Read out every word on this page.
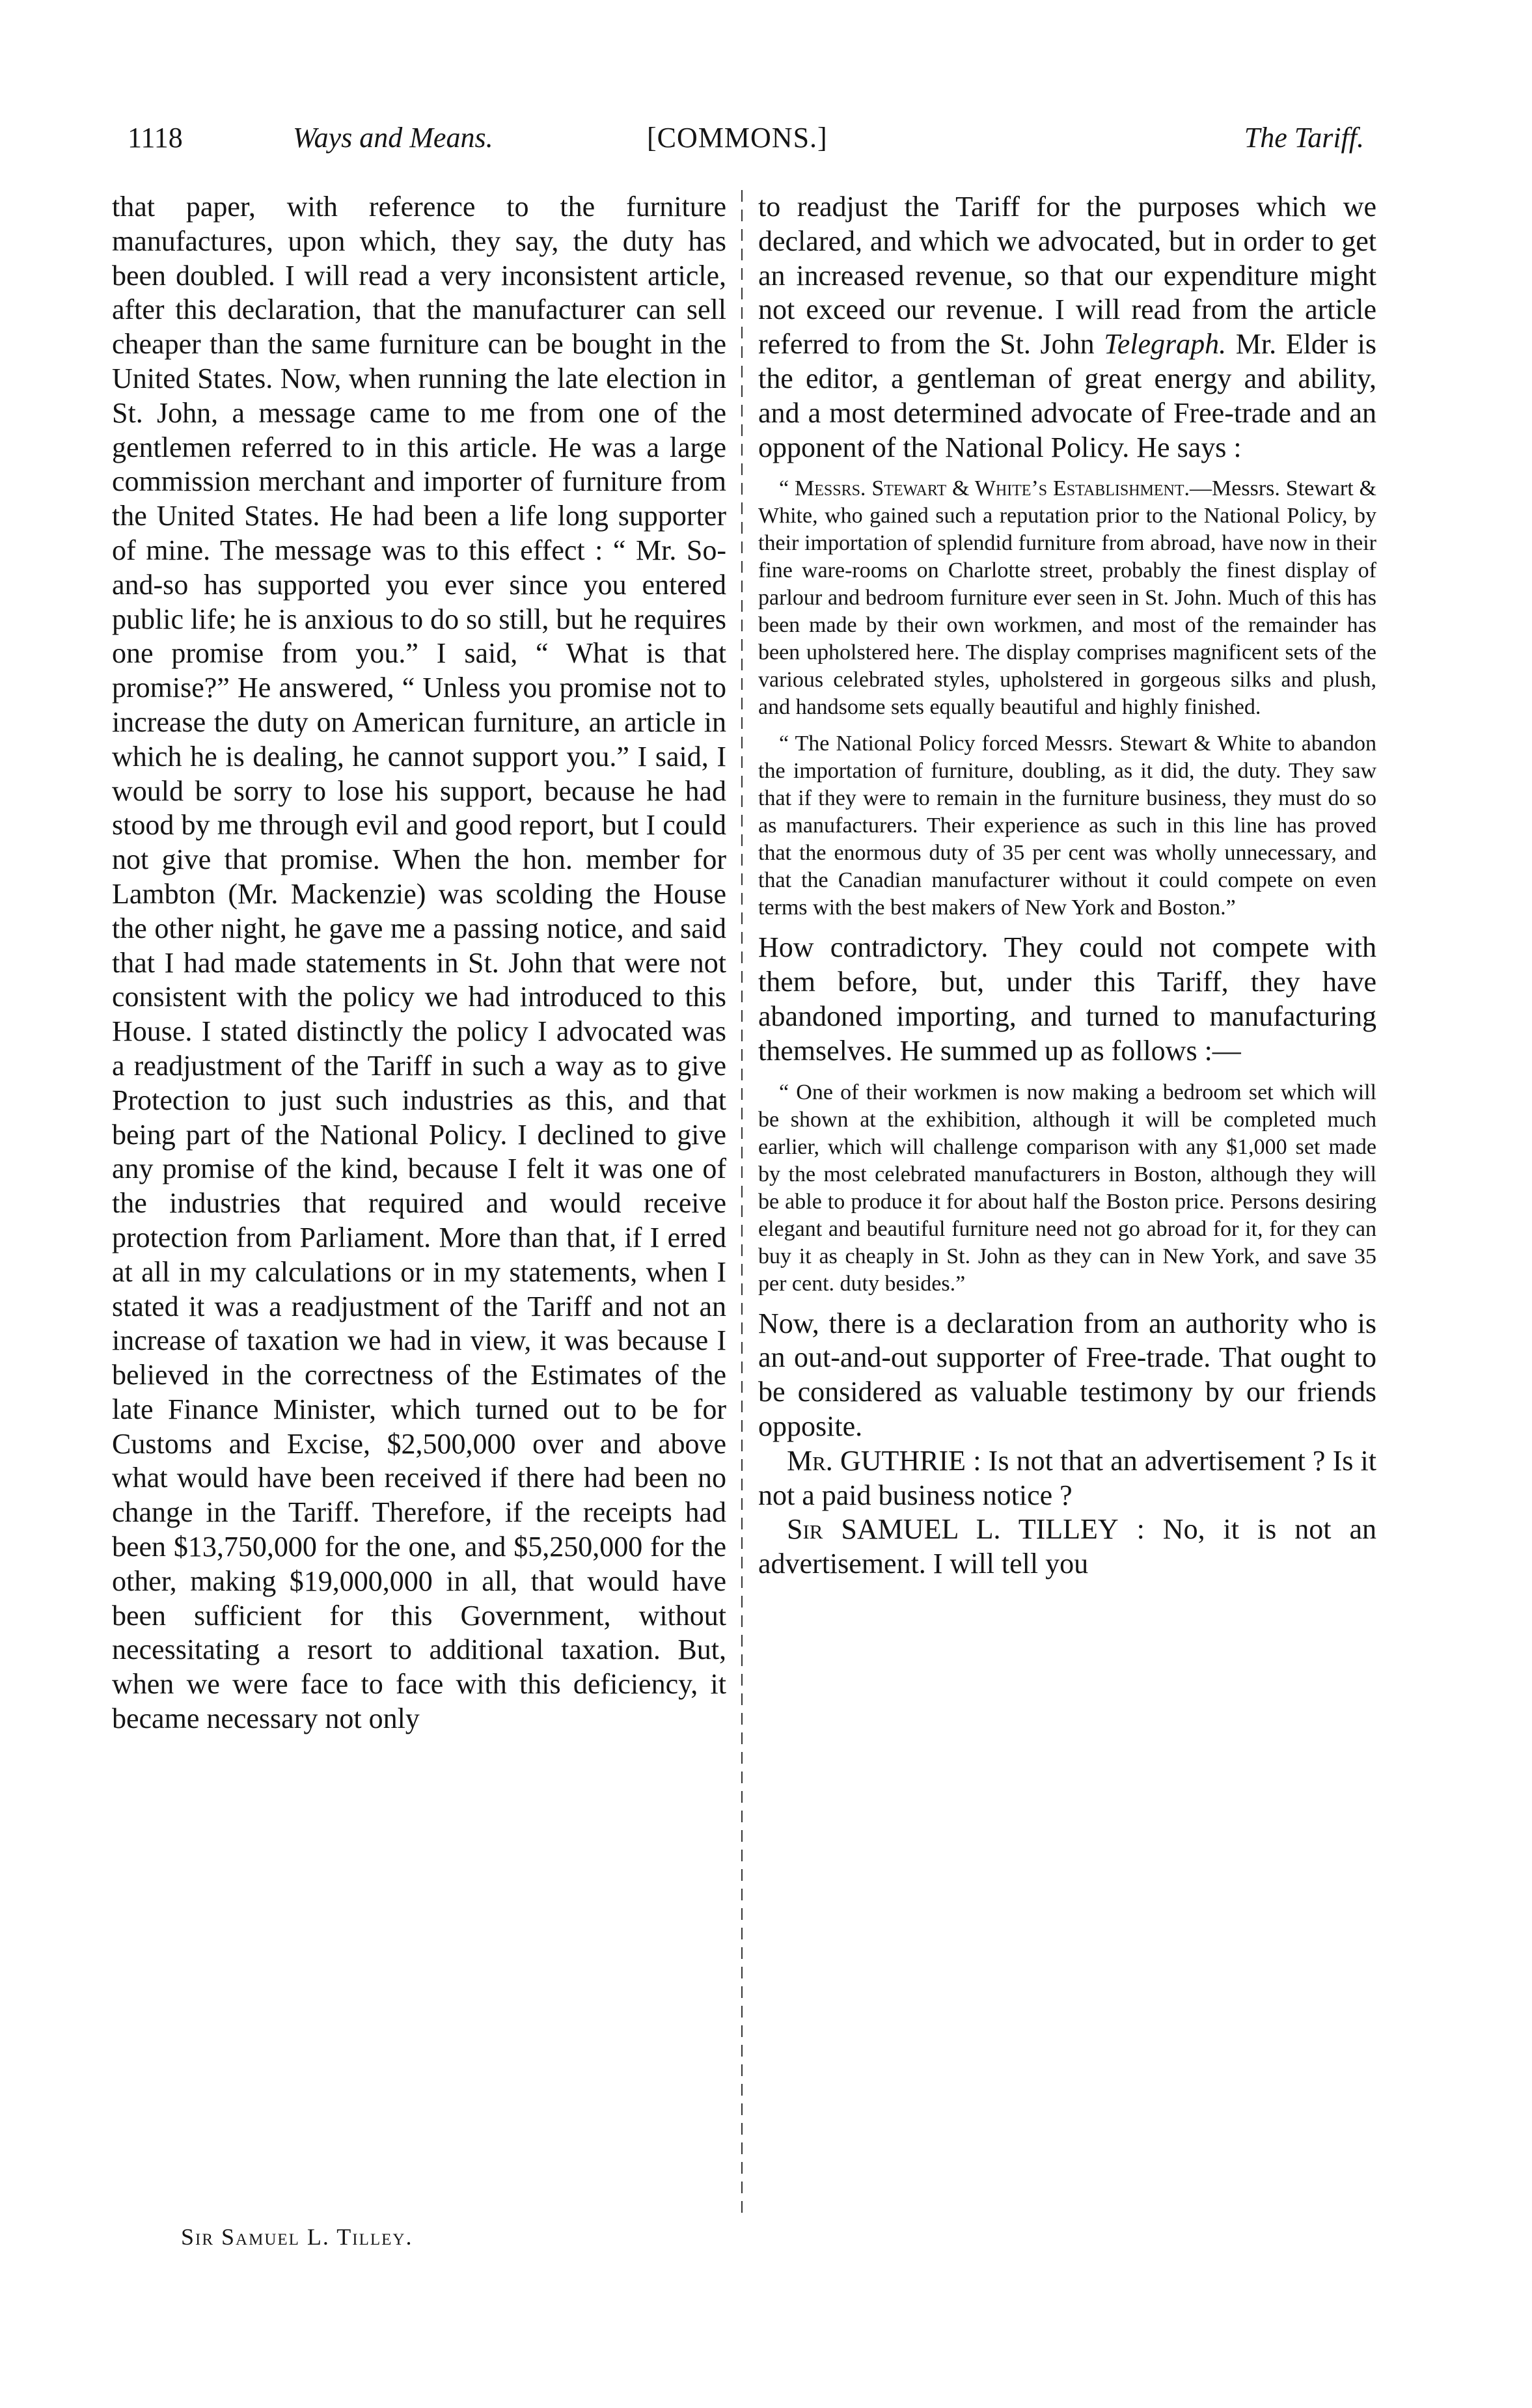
1118	Ways and Means.	[COMMONS.]	The Tariff.

that paper, with reference to the furniture manufactures, upon which, they say, the duty has been doubled. I will read a very inconsistent article, after this declaration, that the manufacturer can sell cheaper than the same furniture can be bought in the United States. Now, when running the late election in St. John, a message came to me from one of the gentlemen referred to in this article. He was a large commission merchant and importer of furniture from the United States. He had been a life long supporter of mine. The message was to this effect : “ Mr. So-and-so has supported you ever since you entered public life; he is anxious to do so still, but he requires one promise from you.” I said, “ What is that promise?” He answered, “ Unless you promise not to increase the duty on American furniture, an article in which he is dealing, he cannot support you.” I said, I would be sorry to lose his support, because he had stood by me through evil and good report, but I could not give that promise. When the hon. member for Lambton (Mr. Mackenzie) was scolding the House the other night, he gave me a passing notice, and said that I had made statements in St. John that were not consistent with the policy we had introduced to this House. I stated distinctly the policy I advocated was a readjustment of the Tariff in such a way as to give Protection to just such industries as this, and that being part of the National Policy. I declined to give any promise of the kind, because I felt it was one of the industries that required and would receive protection from Parliament. More than that, if I erred at all in my calculations or in my statements, when I stated it was a readjustment of the Tariff and not an increase of taxation we had in view, it was because I believed in the correctness of the Estimates of the late Finance Minister, which turned out to be for Customs and Excise, $2,500,000 over and above what would have been received if there had been no change in the Tariff. Therefore, if the receipts had been $13,750,000 for the one, and $5,250,000 for the other, making $19,000,000 in all, that would have been sufficient for this Government, without necessitating a resort to additional taxation. But, when we were face to face with this deficiency, it became necessary not only

to readjust the Tariff for the purposes which we declared, and which we advocated, but in order to get an increased revenue, so that our expenditure might not exceed our revenue. I will read from the article referred to from the St. John Telegraph. Mr. Elder is the editor, a gentleman of great energy and ability, and a most determined advocate of Free-trade and an opponent of the National Policy. He says :

“ Messrs. Stewart & White’s Establishment.—Messrs. Stewart & White, who gained such a reputation prior to the National Policy, by their importation of splendid furniture from abroad, have now in their fine ware-rooms on Charlotte street, probably the finest display of parlour and bedroom furniture ever seen in St. John. Much of this has been made by their own workmen, and most of the remainder has been upholstered here. The display comprises magnificent sets of the various celebrated styles, upholstered in gorgeous silks and plush, and handsome sets equally beautiful and highly finished.

“ The National Policy forced Messrs. Stewart & White to abandon the importation of furniture, doubling, as it did, the duty. They saw that if they were to remain in the furniture business, they must do so as manufacturers. Their experience as such in this line has proved that the enormous duty of 35 per cent was wholly unnecessary, and that the Canadian manufacturer without it could compete on even terms with the best makers of New York and Boston.”

How contradictory. They could not compete with them before, but, under this Tariff, they have abandoned importing, and turned to manufacturing themselves. He summed up as follows :—

“ One of their workmen is now making a bedroom set which will be shown at the exhibition, although it will be completed much earlier, which will challenge comparison with any $1,000 set made by the most celebrated manufacturers in Boston, although they will be able to produce it for about half the Boston price. Persons desiring elegant and beautiful furniture need not go abroad for it, for they can buy it as cheaply in St. John as they can in New York, and save 35 per cent. duty besides.”

Now, there is a declaration from an authority who is an out-and-out supporter of Free-trade. That ought to be considered as valuable testimony by our friends opposite.

Mr. GUTHRIE : Is not that an advertisement ? Is it not a paid business notice ?

Sir SAMUEL L. TILLEY : No, it is not an advertisement. I will tell you

Sir Samuel L. Tilley.
